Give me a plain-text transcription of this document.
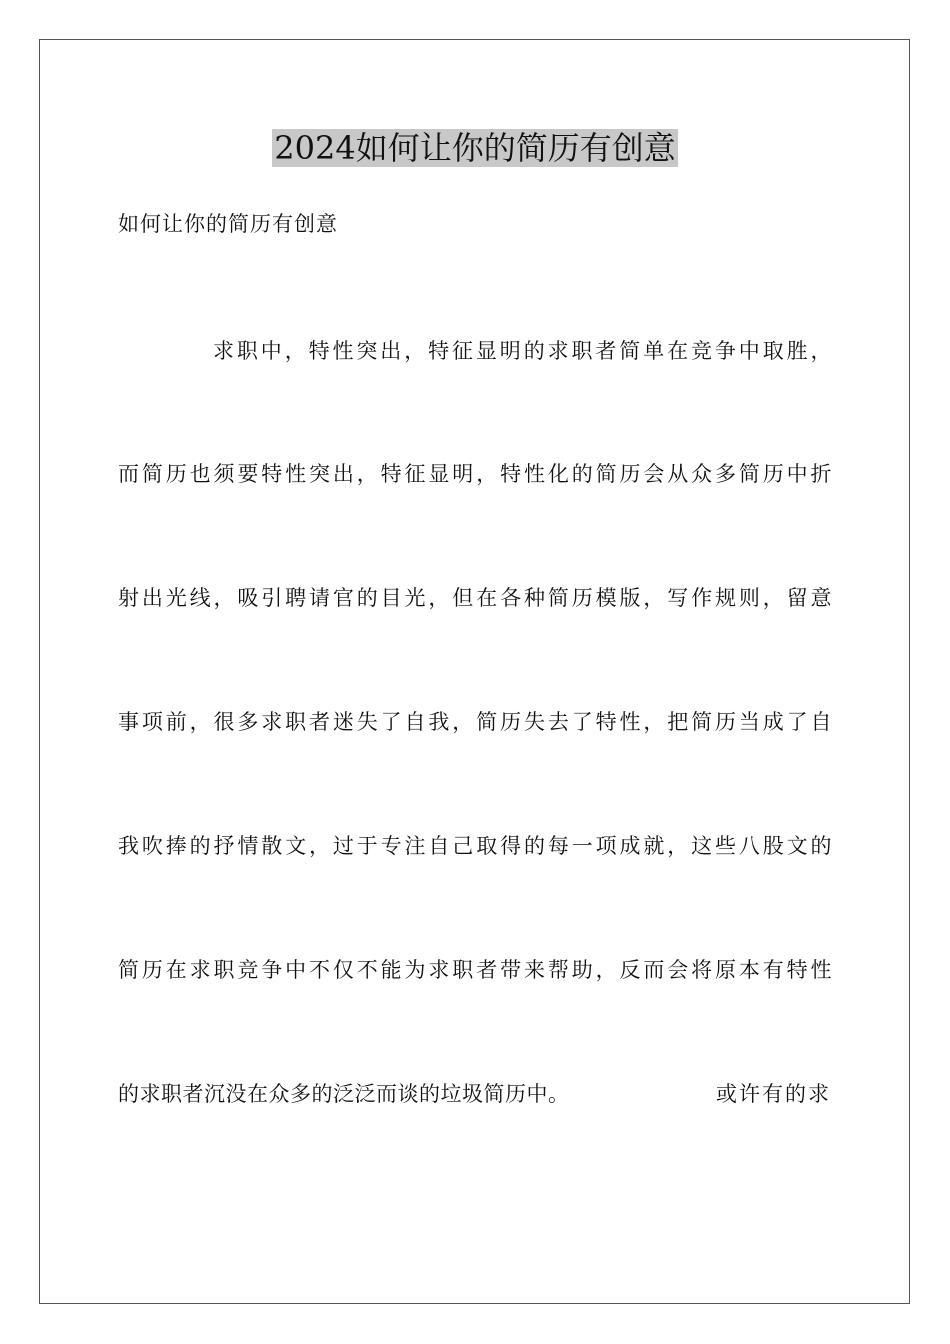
2024如何让你的简历有创意
如何让你的简历有创意
求职中，特性突出，特征显明的求职者简单在竞争中取胜，
而简历也须要特性突出，特征显明，特性化的简历会从众多简历中折
射出光线，吸引聘请官的目光，但在各种简历模版，写作规则，留意
事项前，很多求职者迷失了自我，简历失去了特性，把简历当成了自
我吹捧的抒情散文，过于专注自己取得的每一项成就，这些八股文的
简历在求职竞争中不仅不能为求职者带来帮助，反而会将原本有特性
的求职者沉没在众多的泛泛而谈的垃圾简历中。	或许有的求
